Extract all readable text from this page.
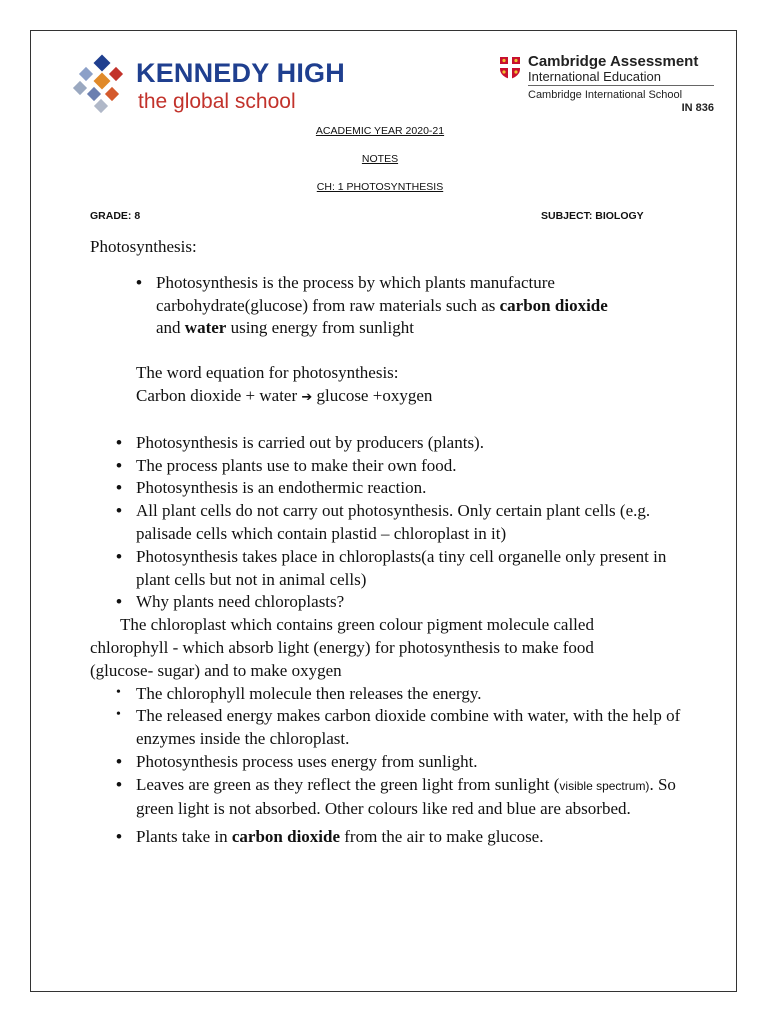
KENNEDY HIGH
the global school
Cambridge Assessment
International Education
Cambridge International School
IN 836
ACADEMIC YEAR 2020-21
NOTES
CH: 1 PHOTOSYNTHESIS
GRADE: 8	SUBJECT: BIOLOGY

Photosynthesis:

• Photosynthesis is the process by which plants manufacture carbohydrate(glucose) from raw materials such as carbon dioxide and water using energy from sunlight

The word equation for photosynthesis:

Carbon dioxide + water ➔ glucose +oxygen

• Photosynthesis is carried out by producers (plants).
• The process plants use to make their own food.
• Photosynthesis is an endothermic reaction.
• All plant cells do not carry out photosynthesis. Only certain plant cells (e.g. palisade cells which contain plastid – chloroplast in it)
• Photosynthesis takes place in chloroplasts(a tiny cell organelle only present in plant cells but not in animal cells)
• Why plants need chloroplasts?

The chloroplast which contains green colour pigment molecule called chlorophyll - which absorb light (energy) for photosynthesis to make food (glucose- sugar) and to make oxygen

• The chlorophyll molecule then releases the energy.
• The released energy makes carbon dioxide combine with water, with the help of enzymes inside the chloroplast.
• Photosynthesis process uses energy from sunlight.
• Leaves are green as they reflect the green light from sunlight (visible spectrum). So green light is not absorbed. Other colours like red and blue are absorbed.
• Plants take in carbon dioxide from the air to make glucose.
